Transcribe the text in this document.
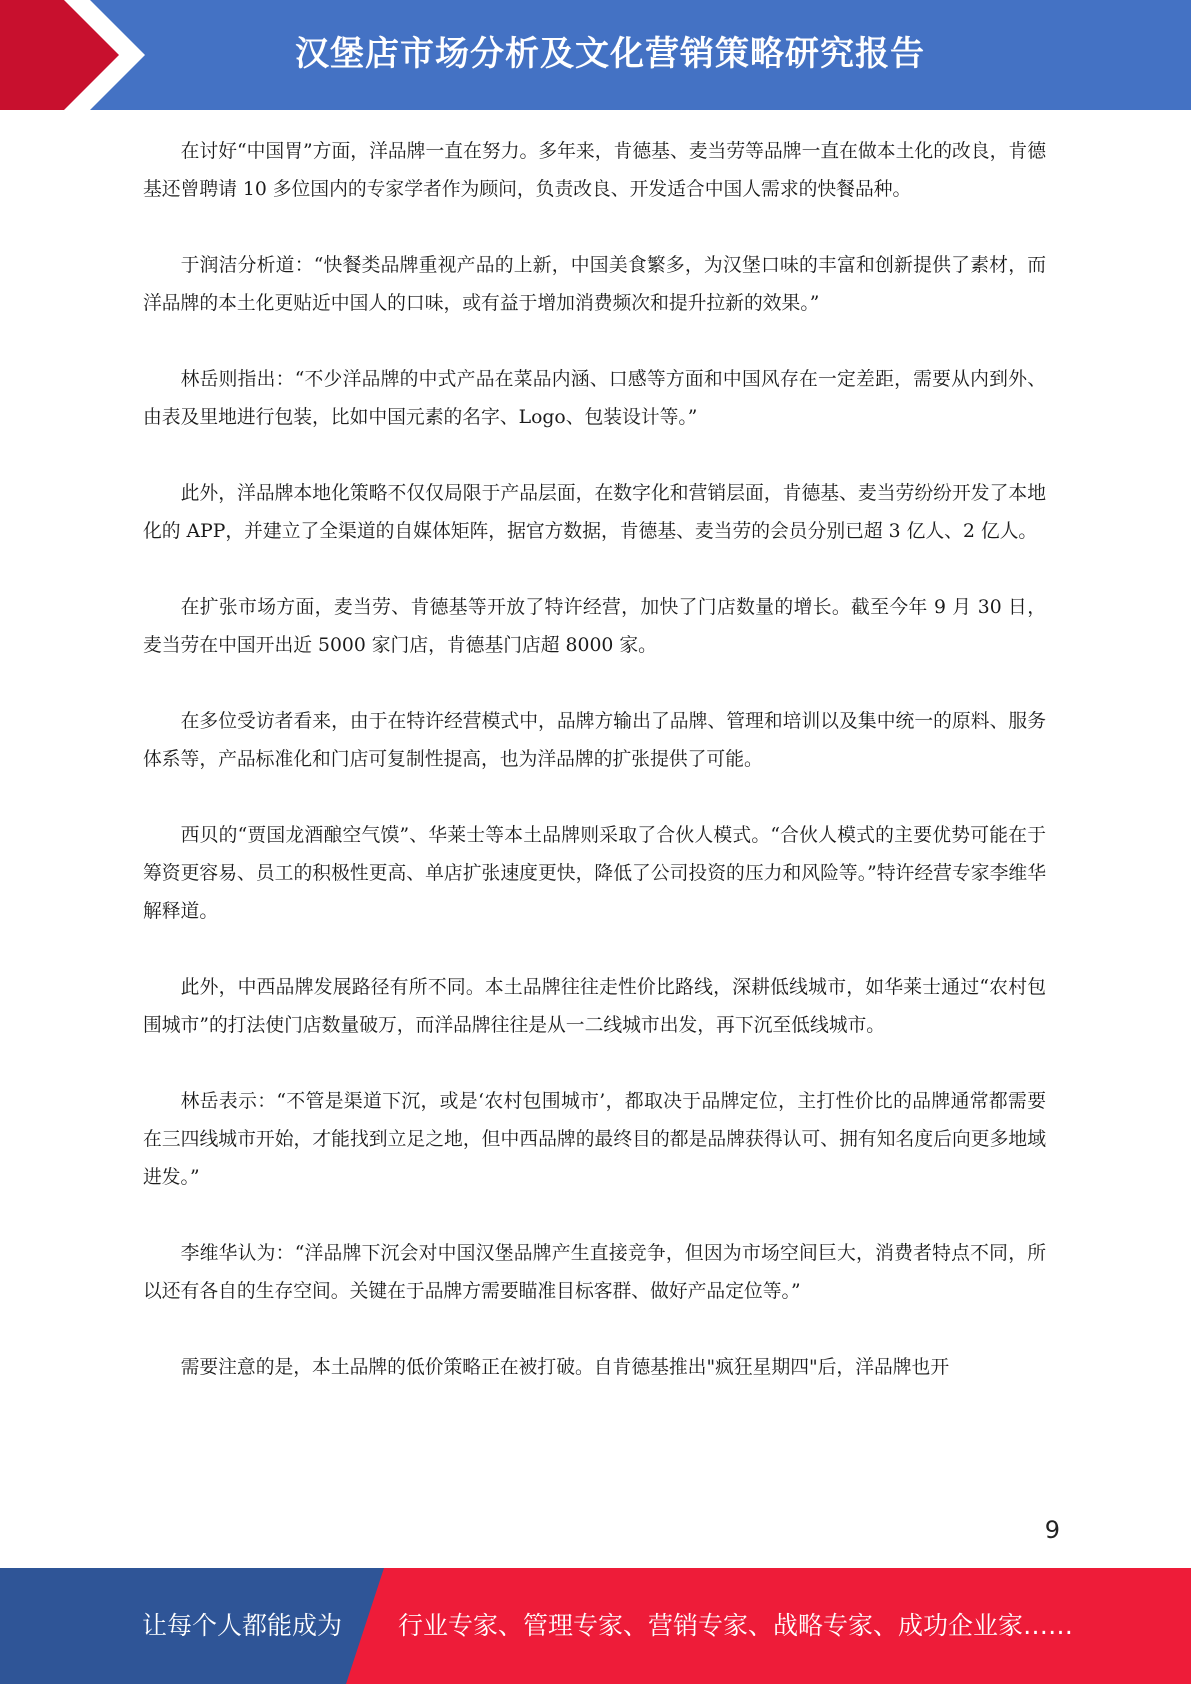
汉堡店市场分析及文化营销策略研究报告

在讨好“中国胃”方面，洋品牌一直在努力。多年来，肯德基、麦当劳等品牌一直在做本土化的改良，肯德基还曾聘请 10 多位国内的专家学者作为顾问，负责改良、开发适合中国人需求的快餐品种。

于润洁分析道：“快餐类品牌重视产品的上新，中国美食繁多，为汉堡口味的丰富和创新提供了素材，而洋品牌的本土化更贴近中国人的口味，或有益于增加消费频次和提升拉新的效果。”

林岳则指出：“不少洋品牌的中式产品在菜品内涵、口感等方面和中国风存在一定差距，需要从内到外、由表及里地进行包装，比如中国元素的名字、Logo、包装设计等。”

此外，洋品牌本地化策略不仅仅局限于产品层面，在数字化和营销层面，肯德基、麦当劳纷纷开发了本地化的 APP，并建立了全渠道的自媒体矩阵，据官方数据，肯德基、麦当劳的会员分别已超 3 亿人、2 亿人。

在扩张市场方面，麦当劳、肯德基等开放了特许经营，加快了门店数量的增长。截至今年 9 月 30 日，麦当劳在中国开出近 5000 家门店，肯德基门店超 8000 家。

在多位受访者看来，由于在特许经营模式中，品牌方输出了品牌、管理和培训以及集中统一的原料、服务体系等，产品标准化和门店可复制性提高，也为洋品牌的扩张提供了可能。

西贝的“贾国龙酒酿空气馍”、华莱士等本土品牌则采取了合伙人模式。“合伙人模式的主要优势可能在于筹资更容易、员工的积极性更高、单店扩张速度更快，降低了公司投资的压力和风险等。”特许经营专家李维华解释道。

此外，中西品牌发展路径有所不同。本土品牌往往走性价比路线，深耕低线城市，如华莱士通过“农村包围城市”的打法使门店数量破万，而洋品牌往往是从一二线城市出发，再下沉至低线城市。

林岳表示：“不管是渠道下沉，或是‘农村包围城市’，都取决于品牌定位，主打性价比的品牌通常都需要在三四线城市开始，才能找到立足之地，但中西品牌的最终目的都是品牌获得认可、拥有知名度后向更多地域进发。”

李维华认为：“洋品牌下沉会对中国汉堡品牌产生直接竞争，但因为市场空间巨大，消费者特点不同，所以还有各自的生存空间。关键在于品牌方需要瞄准目标客群、做好产品定位等。”

需要注意的是，本土品牌的低价策略正在被打破。自肯德基推出"疯狂星期四"后，洋品牌也开

9
让每个人都能成为 行业专家、管理专家、营销专家、战略专家、成功企业家……
